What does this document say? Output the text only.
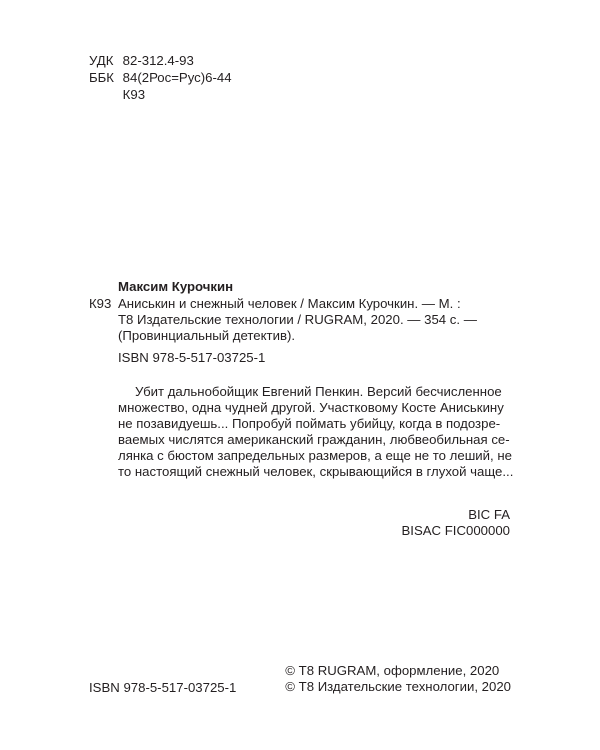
УДК 82-312.4-93
ББК 84(2Рос=Рус)6-44
К93
Максим Курочкин
К93 Аниськин и снежный человек / Максим Курочкин. — М. :
Т8 Издательские технологии / RUGRAM, 2020. — 354 с. —
(Провинциальный детектив).
ISBN 978-5-517-03725-1
Убит дальнобойщик Евгений Пенкин. Версий бесчисленное
множество, одна чудней другой. Участковому Косте Аниськину
не позавидуешь... Попробуй поймать убийцу, когда в подозре-
ваемых числятся американский гражданин, любвеобильная се-
лянка с бюстом запредельных размеров, а еще не то леший, не
то настоящий снежный человек, скрывающийся в глухой чаще...
BIC FA
BISAC FIC000000
ISBN 978-5-517-03725-1
© Т8 RUGRAM, оформление, 2020
© Т8 Издательские технологии, 2020
